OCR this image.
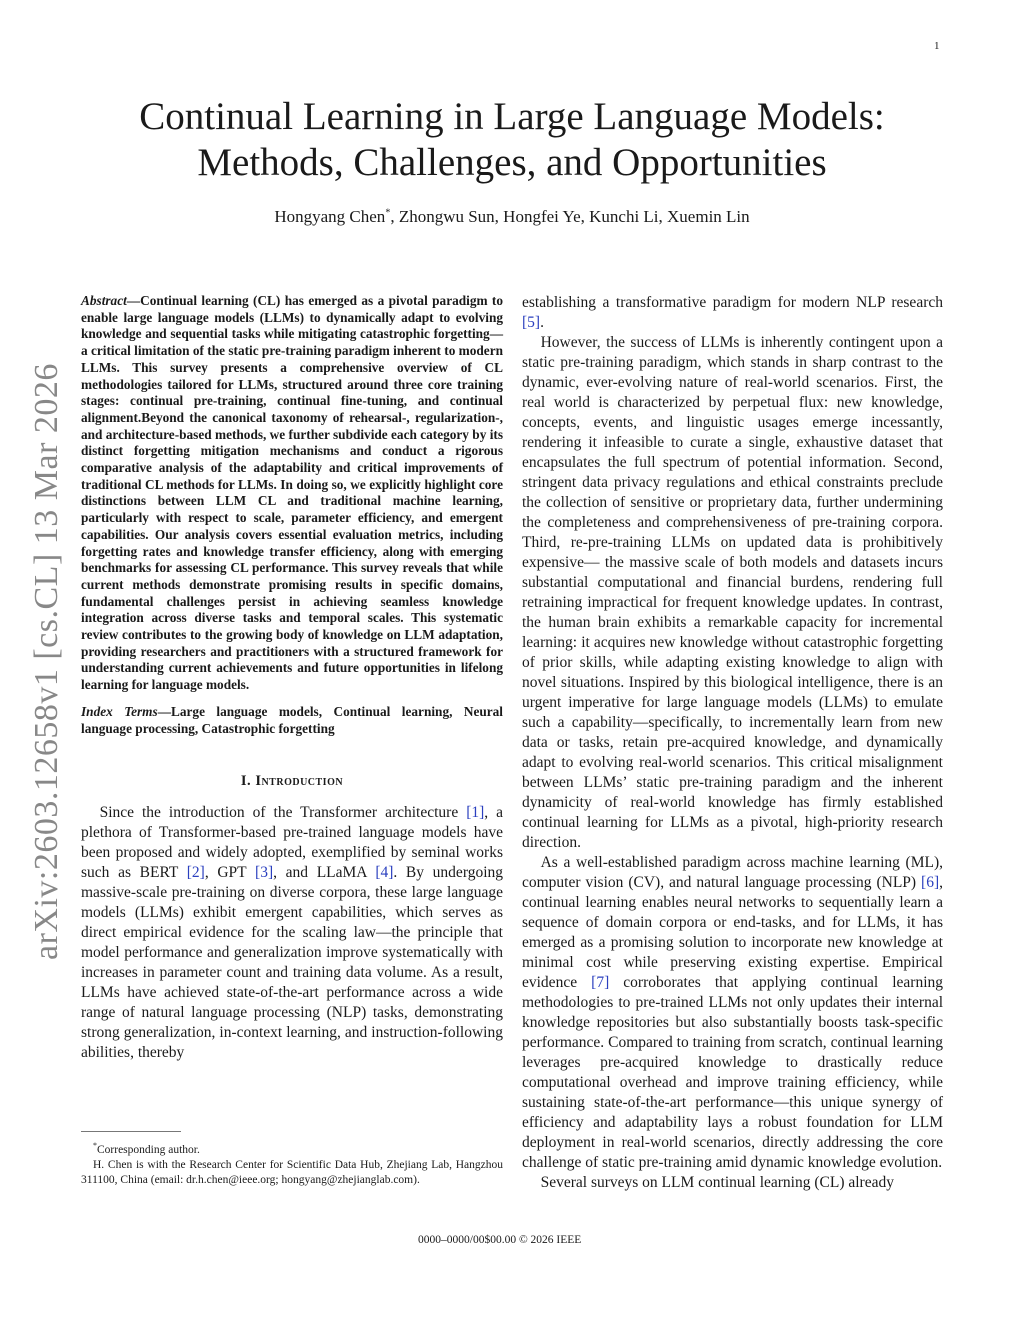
1
arXiv:2603.12658v1 [cs.CL] 13 Mar 2026
Continual Learning in Large Language Models:
Methods, Challenges, and Opportunities
Hongyang Chen*, Zhongwu Sun, Hongfei Ye, Kunchi Li, Xuemin Lin

Abstract—Continual learning (CL) has emerged as a pivotal paradigm to enable large language models (LLMs) to dynamically adapt to evolving knowledge and sequential tasks while mitigating catastrophic forgetting—a critical limitation of the static pre-training paradigm inherent to modern LLMs. This survey presents a comprehensive overview of CL methodologies tailored for LLMs, structured around three core training stages: continual pre-training, continual fine-tuning, and continual alignment.Beyond the canonical taxonomy of rehearsal-, regularization-, and architecture-based methods, we further subdivide each category by its distinct forgetting mitigation mechanisms and conduct a rigorous comparative analysis of the adaptability and critical improvements of traditional CL methods for LLMs. In doing so, we explicitly highlight core distinctions between LLM CL and traditional machine learning, particularly with respect to scale, parameter efficiency, and emergent capabilities. Our analysis covers essential evaluation metrics, including forgetting rates and knowledge transfer efficiency, along with emerging benchmarks for assessing CL performance. This survey reveals that while current methods demonstrate promising results in specific domains, fundamental challenges persist in achieving seamless knowledge integration across diverse tasks and temporal scales. This systematic review contributes to the growing body of knowledge on LLM adaptation, providing researchers and practitioners with a structured framework for understanding current achievements and future opportunities in lifelong learning for language models.

Index Terms—Large language models, Continual learning, Neural language processing, Catastrophic forgetting

I. Introduction

Since the introduction of the Transformer architecture [1], a plethora of Transformer-based pre-trained language models have been proposed and widely adopted, exemplified by seminal works such as BERT [2], GPT [3], and LLaMA [4]. By undergoing massive-scale pre-training on diverse corpora, these large language models (LLMs) exhibit emergent capabilities, which serves as direct empirical evidence for the scaling law—the principle that model performance and generalization improve systematically with increases in parameter count and training data volume. As a result, LLMs have achieved state-of-the-art performance across a wide range of natural language processing (NLP) tasks, demonstrating strong generalization, in-context learning, and instruction-following abilities, thereby

*Corresponding author.

H. Chen is with the Research Center for Scientific Data Hub, Zhejiang Lab, Hangzhou 311100, China (email: dr.h.chen@ieee.org; hongyang@zhejianglab.com).

establishing a transformative paradigm for modern NLP research [5].

However, the success of LLMs is inherently contingent upon a static pre-training paradigm, which stands in sharp contrast to the dynamic, ever-evolving nature of real-world scenarios. First, the real world is characterized by perpetual flux: new knowledge, concepts, events, and linguistic usages emerge incessantly, rendering it infeasible to curate a single, exhaustive dataset that encapsulates the full spectrum of potential information. Second, stringent data privacy regulations and ethical constraints preclude the collection of sensitive or proprietary data, further undermining the completeness and comprehensiveness of pre-training corpora. Third, re-pre-training LLMs on updated data is prohibitively expensive— the massive scale of both models and datasets incurs substantial computational and financial burdens, rendering full retraining impractical for frequent knowledge updates. In contrast, the human brain exhibits a remarkable capacity for incremental learning: it acquires new knowledge without catastrophic forgetting of prior skills, while adapting existing knowledge to align with novel situations. Inspired by this biological intelligence, there is an urgent imperative for large language models (LLMs) to emulate such a capability—specifically, to incrementally learn from new data or tasks, retain pre-acquired knowledge, and dynamically adapt to evolving real-world scenarios. This critical misalignment between LLMs’ static pre-training paradigm and the inherent dynamicity of real-world knowledge has firmly established continual learning for LLMs as a pivotal, high-priority research direction.

As a well-established paradigm across machine learning (ML), computer vision (CV), and natural language processing (NLP) [6], continual learning enables neural networks to sequentially learn a sequence of domain corpora or end-tasks, and for LLMs, it has emerged as a promising solution to incorporate new knowledge at minimal cost while preserving existing expertise. Empirical evidence [7] corroborates that applying continual learning methodologies to pre-trained LLMs not only updates their internal knowledge repositories but also substantially boosts task-specific performance. Compared to training from scratch, continual learning leverages pre-acquired knowledge to drastically reduce computational overhead and improve training efficiency, while sustaining state-of-the-art performance—this unique synergy of efficiency and adaptability lays a robust foundation for LLM deployment in real-world scenarios, directly addressing the core challenge of static pre-training amid dynamic knowledge evolution.

Several surveys on LLM continual learning (CL) already

0000–0000/00$00.00 © 2026 IEEE
